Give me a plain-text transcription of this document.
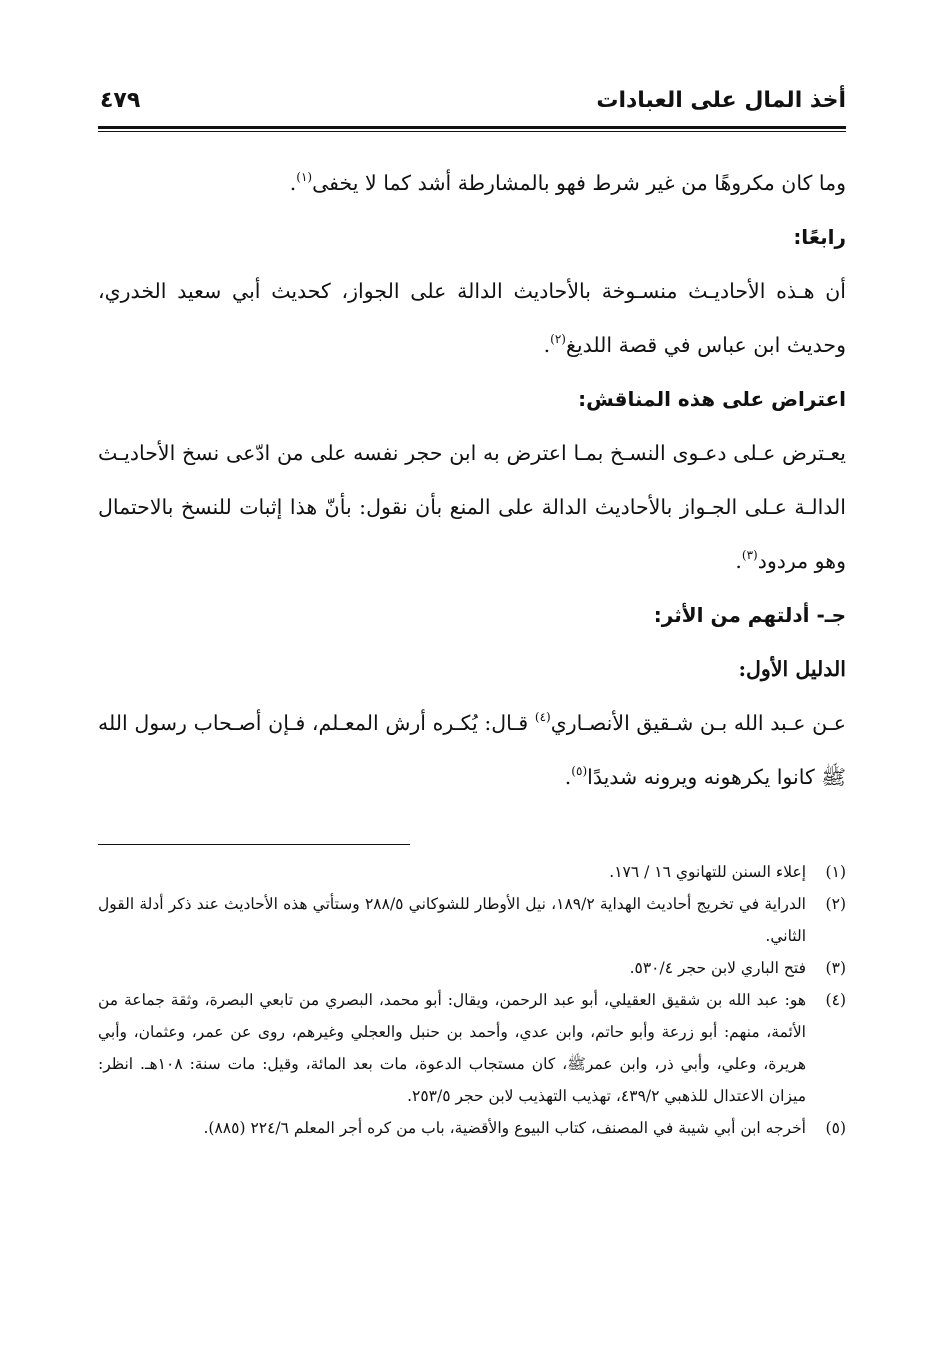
أخذ المال على العبادات
٤٧٩

وما كان مكروهًا من غير شرط فهو بالمشارطة أشد كما لا يخفى$^{(١)}$.

رابعًا:

أن هـذه الأحاديـث منسـوخة بالأحاديث الدالة على الجواز، كحديث أبي سعيد الخدري، وحديث ابن عباس في قصة اللديغ$^{(٢)}$.

اعتراض على هذه المناقش:

يعـترض عـلى دعـوى النسـخ بمـا اعترض به ابن حجر نفسه على من ادّعى نسخ الأحاديـث الدالـة عـلى الجـواز بالأحاديث الدالة على المنع بأن نقول: بأنّ هذا إثبات للنسخ بالاحتمال وهو مردود$^{(٣)}$.

جـ- أدلتهم من الأثر:

الدليل الأول:

عـن عـبد الله بـن شـقيق الأنصـاري$^{(٤)}$ قـال: يُكـره أرش المعـلم، فـإن أصـحاب رسول الله ﷺ كانوا يكرهونه ويرونه شديدًا$^{(٥)}$.

(١)
إعلاء السنن للتهانوي ١٦ / ١٧٦.
(٢)
الدراية في تخريج أحاديث الهداية ١٨٩/٢، نيل الأوطار للشوكاني ٢٨٨/٥ وستأتي هذه الأحاديث عند ذكر أدلة القول الثاني.
(٣)
فتح الباري لابن حجر ٥٣٠/٤.
(٤)
هو: عبد الله بن شقيق العقيلي، أبو عبد الرحمن، ويقال: أبو محمد، البصري من تابعي البصرة، وثقة جماعة من الأئمة، منهم: أبو زرعة وأبو حاتم، وابن عدي، وأحمد بن حنبل والعجلي وغيرهم، روى عن عمر، وعثمان، وأبي هريرة، وعلي، وأبي ذر، وابن عمرﷺ، كان مستجاب الدعوة، مات بعد المائة، وقيل: مات سنة: ١٠٨هـ. انظر: ميزان الاعتدال للذهبي ٤٣٩/٢، تهذيب التهذيب لابن حجر ٢٥٣/٥.
(٥)
أخرجه ابن أبي شيبة في المصنف، كتاب البيوع والأقضية، باب من كره أجر المعلم ٢٢٤/٦ (٨٨٥).
